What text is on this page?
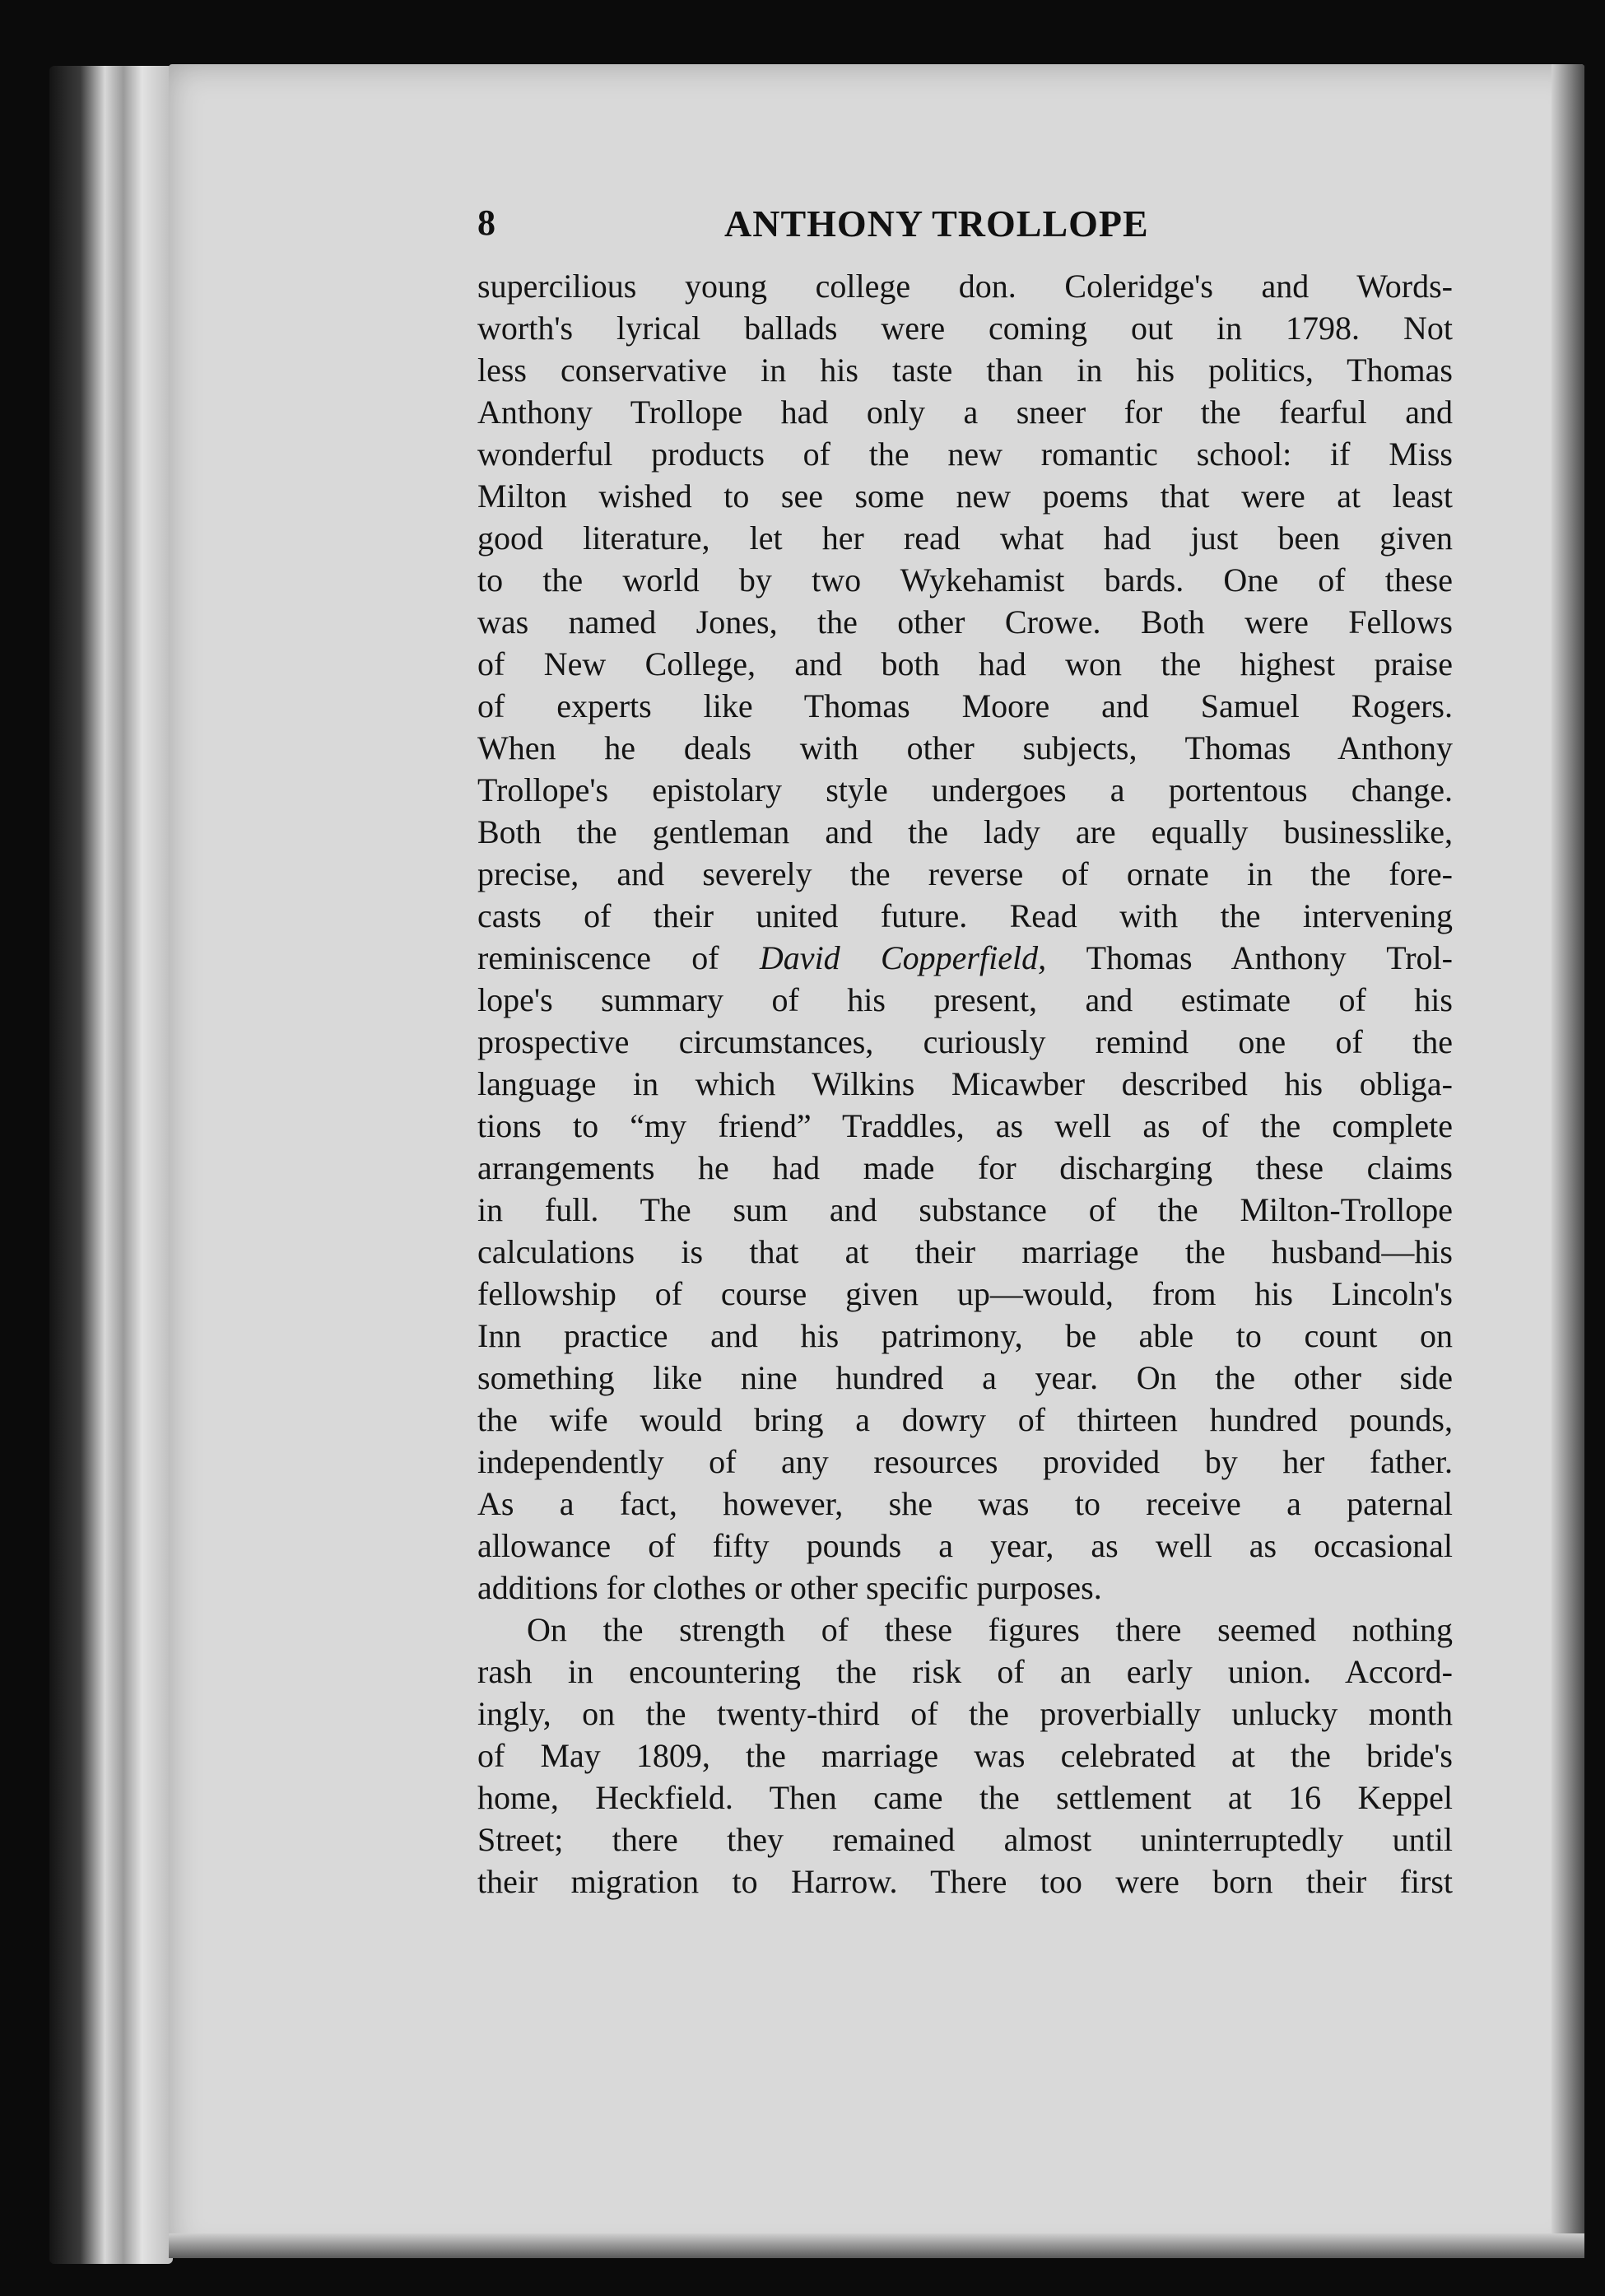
8	ANTHONY TROLLOPE
supercilious young college don. Coleridge's and Words-
worth's lyrical ballads were coming out in 1798. Not
less conservative in his taste than in his politics, Thomas
Anthony Trollope had only a sneer for the fearful and
wonderful products of the new romantic school: if Miss
Milton wished to see some new poems that were at least
good literature, let her read what had just been given
to the world by two Wykehamist bards. One of these
was named Jones, the other Crowe. Both were Fellows
of New College, and both had won the highest praise
of experts like Thomas Moore and Samuel Rogers.
When he deals with other subjects, Thomas Anthony
Trollope's epistolary style undergoes a portentous change.
Both the gentleman and the lady are equally businesslike,
precise, and severely the reverse of ornate in the fore-
casts of their united future. Read with the intervening
reminiscence of David Copperfield, Thomas Anthony Trol-
lope's summary of his present, and estimate of his
prospective circumstances, curiously remind one of the
language in which Wilkins Micawber described his obliga-
tions to “my friend” Traddles, as well as of the complete
arrangements he had made for discharging these claims
in full. The sum and substance of the Milton-Trollope
calculations is that at their marriage the husband—his
fellowship of course given up—would, from his Lincoln's
Inn practice and his patrimony, be able to count on
something like nine hundred a year. On the other side
the wife would bring a dowry of thirteen hundred pounds,
independently of any resources provided by her father.
As a fact, however, she was to receive a paternal
allowance of fifty pounds a year, as well as occasional
additions for clothes or other specific purposes.
On the strength of these figures there seemed nothing
rash in encountering the risk of an early union. Accord-
ingly, on the twenty-third of the proverbially unlucky month
of May 1809, the marriage was celebrated at the bride's
home, Heckfield. Then came the settlement at 16 Keppel
Street; there they remained almost uninterruptedly until
their migration to Harrow. There too were born their first
